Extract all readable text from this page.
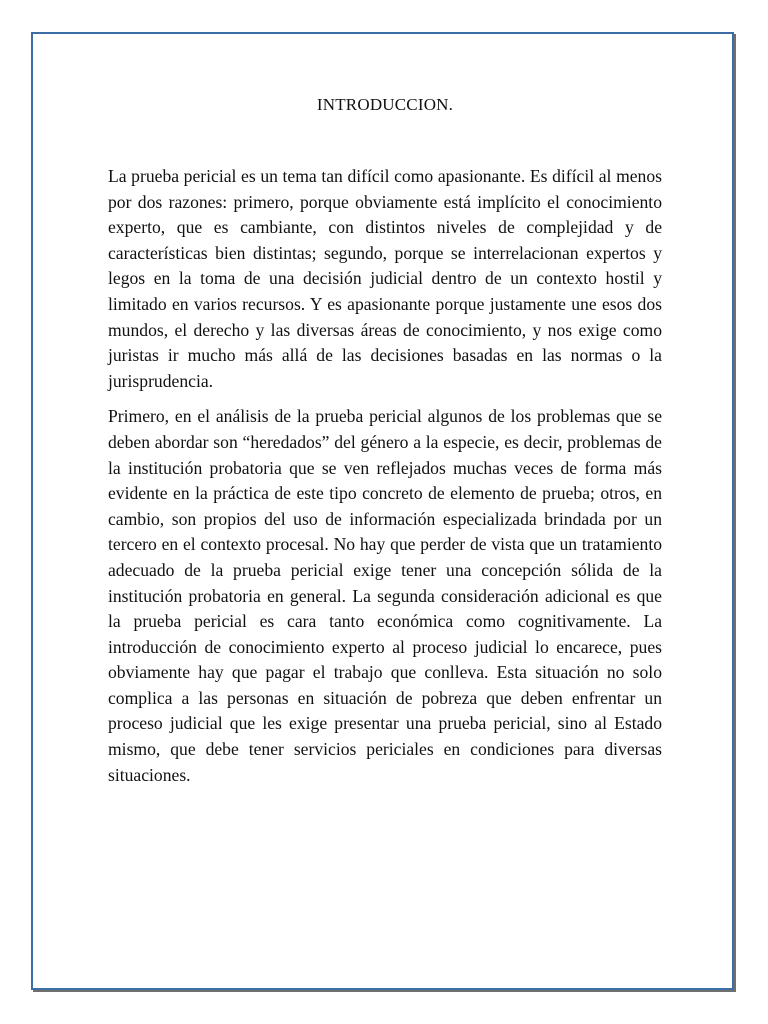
INTRODUCCION.

La prueba pericial es un tema tan difícil como apasionante. Es difícil al menos por dos razones: primero, porque obviamente está implícito el conocimiento experto, que es cambiante, con distintos niveles de complejidad y de características bien distintas; segundo, porque se interrelacionan expertos y legos en la toma de una decisión judicial dentro de un contexto hostil y limitado en varios recursos. Y es apasionante porque justamente une esos dos mundos, el derecho y las diversas áreas de conocimiento, y nos exige como juristas ir mucho más allá de las decisiones basadas en las normas o la jurisprudencia.

Primero, en el análisis de la prueba pericial algunos de los problemas que se deben abordar son “heredados” del género a la especie, es decir, problemas de la institución probatoria que se ven reflejados muchas veces de forma más evidente en la práctica de este tipo concreto de elemento de prueba; otros, en cambio, son propios del uso de información especializada brindada por un tercero en el contexto procesal. No hay que perder de vista que un tratamiento adecuado de la prueba pericial exige tener una concepción sólida de la institución probatoria en general. La segunda consideración adicional es que la prueba pericial es cara tanto económica como cognitivamente. La introducción de conocimiento experto al proceso judicial lo encarece, pues obviamente hay que pagar el trabajo que conlleva. Esta situación no solo complica a las personas en situación de pobreza que deben enfrentar un proceso judicial que les exige presentar una prueba pericial, sino al Estado mismo, que debe tener servicios periciales en condiciones para diversas situaciones.
